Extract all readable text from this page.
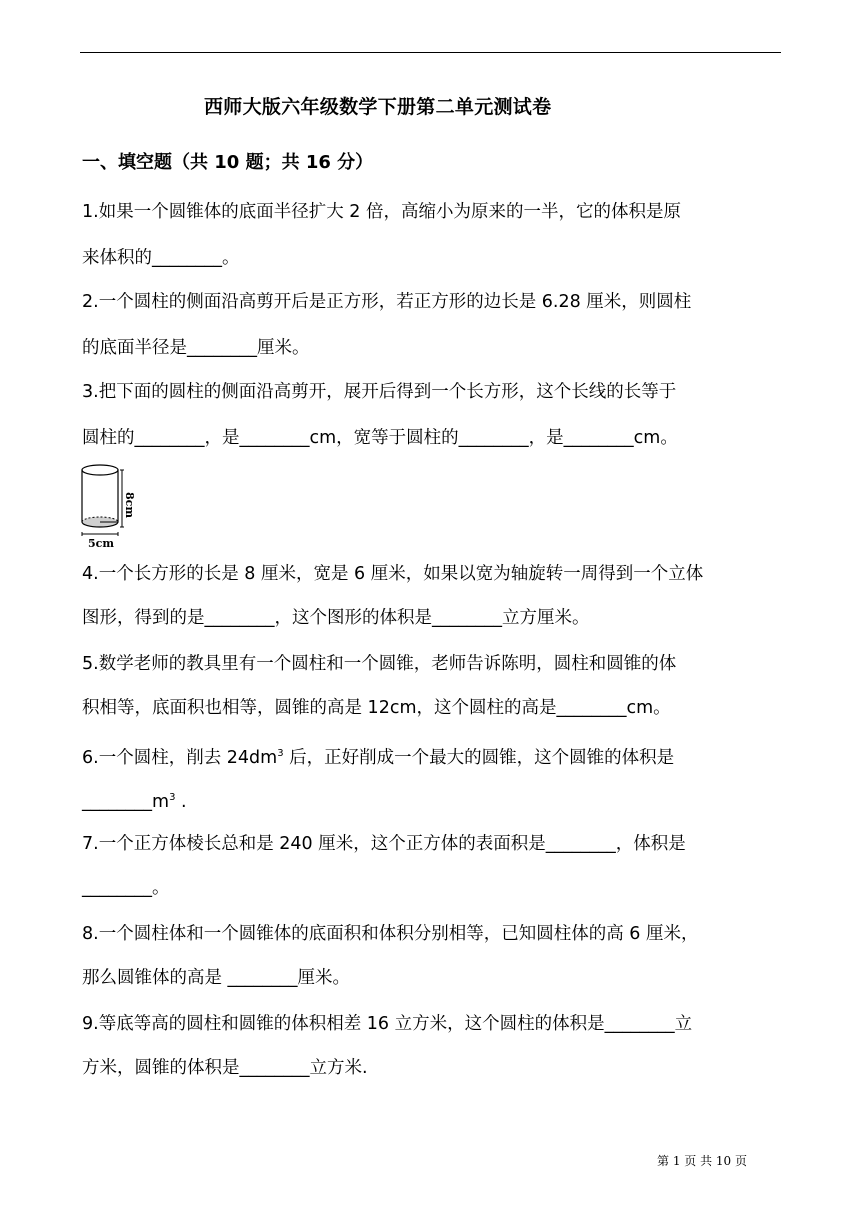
西师大版六年级数学下册第二单元测试卷
一、填空题（共 10 题；共 16 分）
1.如果一个圆锥体的底面半径扩大 2 倍，高缩小为原来的一半，它的体积是原
来体积的________。
2.一个圆柱的侧面沿高剪开后是正方形，若正方形的边长是 6.28 厘米，则圆柱
的底面半径是________厘米。
3.把下面的圆柱的侧面沿高剪开，展开后得到一个长方形，这个长线的长等于
圆柱的________，是________cm，宽等于圆柱的________，是________cm。
8cm
5cm
4.一个长方形的长是 8 厘米，宽是 6 厘米，如果以宽为轴旋转一周得到一个立体
图形，得到的是________，这个图形的体积是________立方厘米。
5.数学老师的教具里有一个圆柱和一个圆锥，老师告诉陈明，圆柱和圆锥的体
积相等，底面积也相等，圆锥的高是 12cm，这个圆柱的高是________cm。
6.一个圆柱，削去 $24dm^3$ 后，正好削成一个最大的圆锥，这个圆锥的体积是
$\_\_\_\_\_\_\_\_m^3$ .
7.一个正方体棱长总和是 240 厘米，这个正方体的表面积是________，体积是
________。
8.一个圆柱体和一个圆锥体的底面积和体积分别相等，已知圆柱体的高 6 厘米，
那么圆锥体的高是 ________厘米。
9.等底等高的圆柱和圆锥的体积相差 16 立方米，这个圆柱的体积是________立
方米，圆锥的体积是________立方米.
第 1 页 共 10 页
